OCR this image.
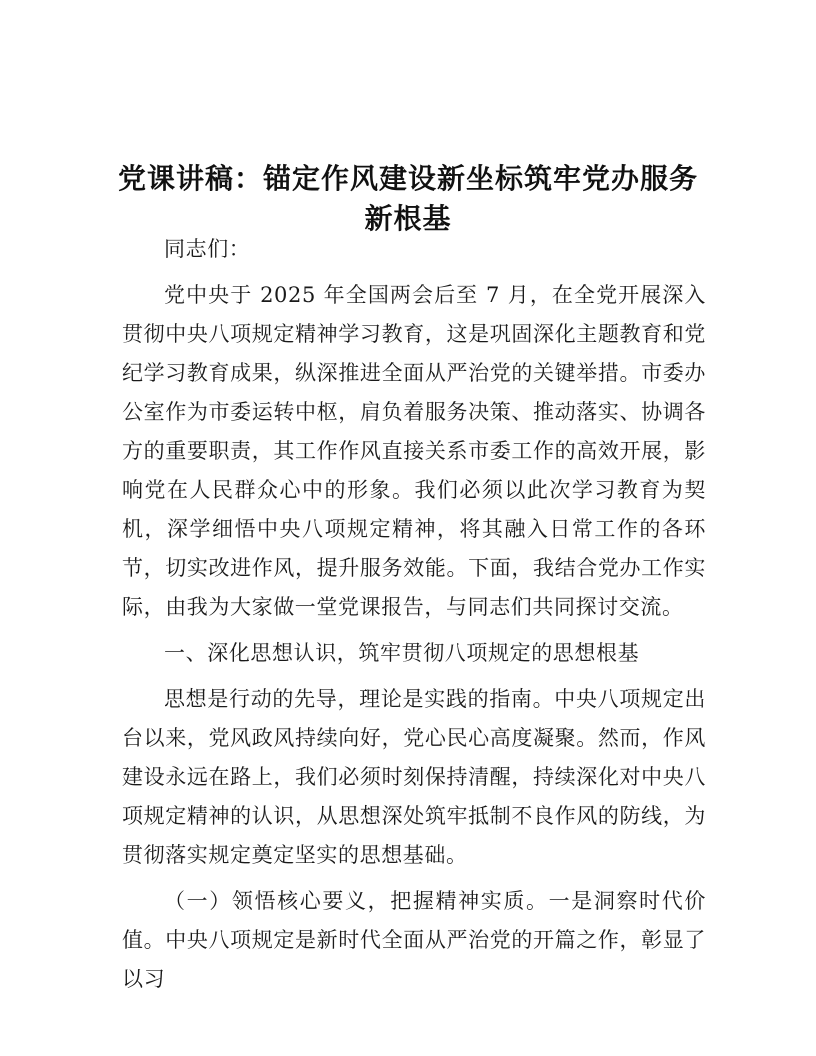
党课讲稿：锚定作风建设新坐标筑牢党办服务
新根基

同志们：

党中央于 2025 年全国两会后至 7 月，在全党开展深入贯彻中央八项规定精神学习教育，这是巩固深化主题教育和党纪学习教育成果，纵深推进全面从严治党的关键举措。市委办公室作为市委运转中枢，肩负着服务决策、推动落实、协调各方的重要职责，其工作作风直接关系市委工作的高效开展，影响党在人民群众心中的形象。我们必须以此次学习教育为契机，深学细悟中央八项规定精神，将其融入日常工作的各环节，切实改进作风，提升服务效能。下面，我结合党办工作实际，由我为大家做一堂党课报告，与同志们共同探讨交流。

一、深化思想认识，筑牢贯彻八项规定的思想根基

思想是行动的先导，理论是实践的指南。中央八项规定出台以来，党风政风持续向好，党心民心高度凝聚。然而，作风建设永远在路上，我们必须时刻保持清醒，持续深化对中央八项规定精神的认识，从思想深处筑牢抵制不良作风的防线，为贯彻落实规定奠定坚实的思想基础。

（一）领悟核心要义，把握精神实质。一是洞察时代价值。中央八项规定是新时代全面从严治党的开篇之作，彰显了以习
